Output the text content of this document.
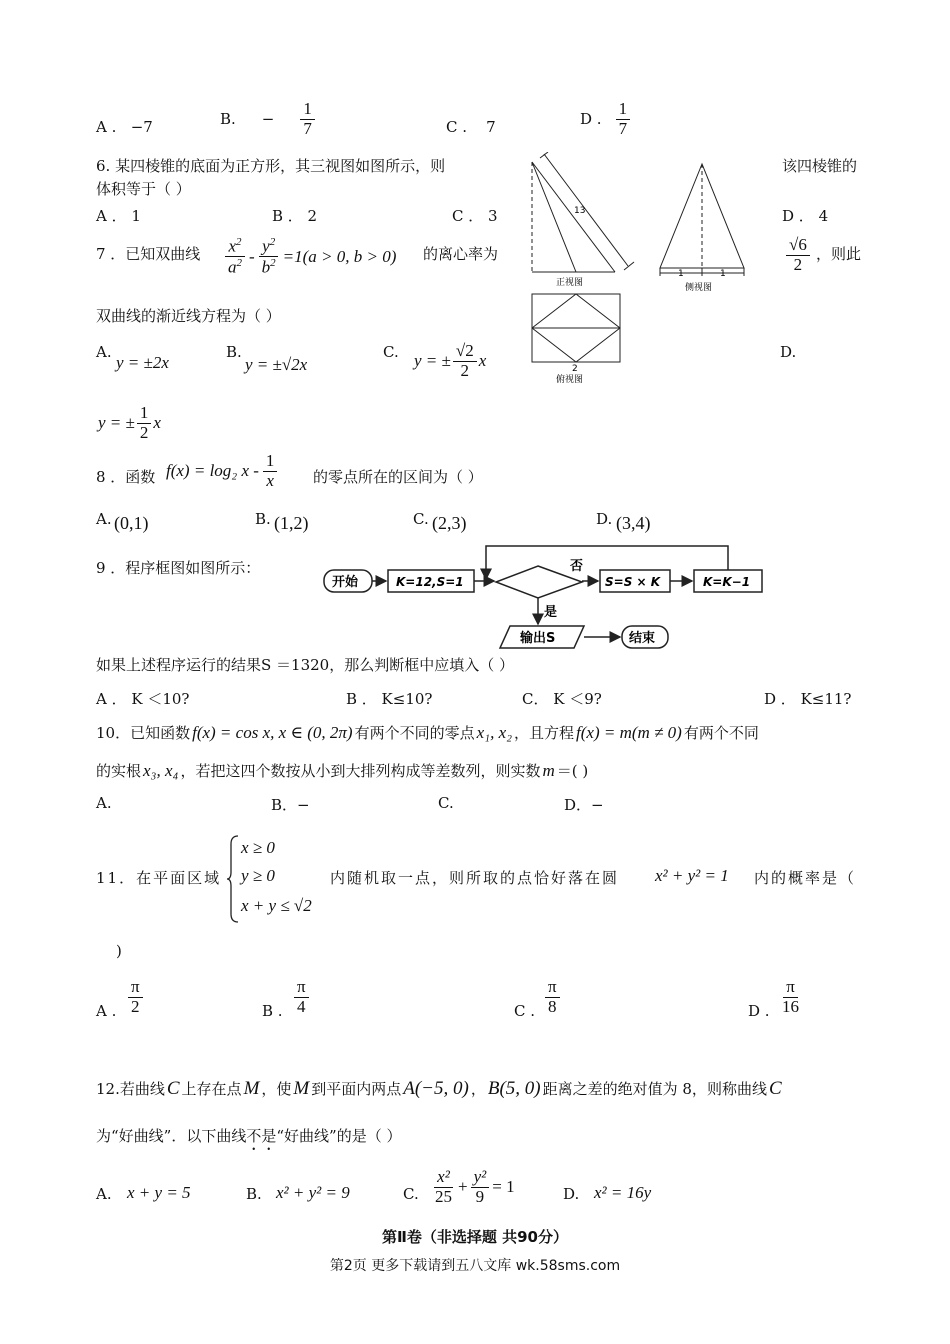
A . −7	B. − $\frac{1}{7}$	C . 7	D . $\frac{1}{7}$
6. 某四棱锥的底面为正方形，其三视图如图所示，则	该四棱锥的
体积等于（ ）
A ． 1	B ． 2	C ． 3	D ． 4
13
正视图
1	1
侧视图
2
俯视图
7 ．已知双曲线 $\frac{x^2}{a^2} - \frac{y^2}{b^2} =1(a > 0$, b > 0) 的离心率为	$\frac{√6}{2}$ ，则此
双曲线的渐近线方程为（ ）
A.
y = ±2x
B.
y = ±√2x
C. y = ± $\frac{√2}{2}$ x	D.
y = ± $\frac{1}{2}$ x
8 ．函数 f(x) = log₂ x - $\frac{1}{x}$ 的零点所在的区间为（ ）
A. (0,1)	B. (1,2)	C. (2,3)	D. (3,4)
9 ．程序框图如图所示：
开始	K=12,S=1
否
S=S × K	K=K−1
是
输出S	结束
如果上述程序运行的结果S ＝1320，那么判断框中应填入（ ）
A ． K ＜10?	B ． K≤10?	C． K ＜9?	D ． K≤11?
10．已知函数 f(x) = cos x, x ∈ (0, 2π) 有两个不同的零点 x₁, x₂ ，且方程 f(x) = m(m ≠ 0) 有两个不同
的实根 x₃, x₄ ，若把这四个数按从小到大排列构成等差数列，则实数 m ＝( )
A.	B．−	C.	D．−
11．在平面区域
x ≥ 0
y ≥ 0
x + y ≤ √2
内随机取一点，则所取的点恰好落在圆 x² + y² = 1 内的概率是（
)
A . $\frac{\pi}{2}$	B . $\frac{\pi}{4}$	C . $\frac{\pi}{8}$	D . $\frac{\pi}{16}$
12.若曲线 C 上存在点 M ，使 M 到平面内两点 A(−5, 0) ， B(5, 0) 距离之差的绝对值为 8，则称曲线 C
为“好曲线”．以下曲线不是“好曲线”的是（ ）
A. x + y = 5	B. x² + y² = 9	C. $\frac{\text{x²}}{25} + \frac{\text{y²}}{9} = 1$	D. x² = 16y
第Ⅱ卷（非选择题 共90分）
第2页 更多下载请到五八文库 wk.58sms.com
